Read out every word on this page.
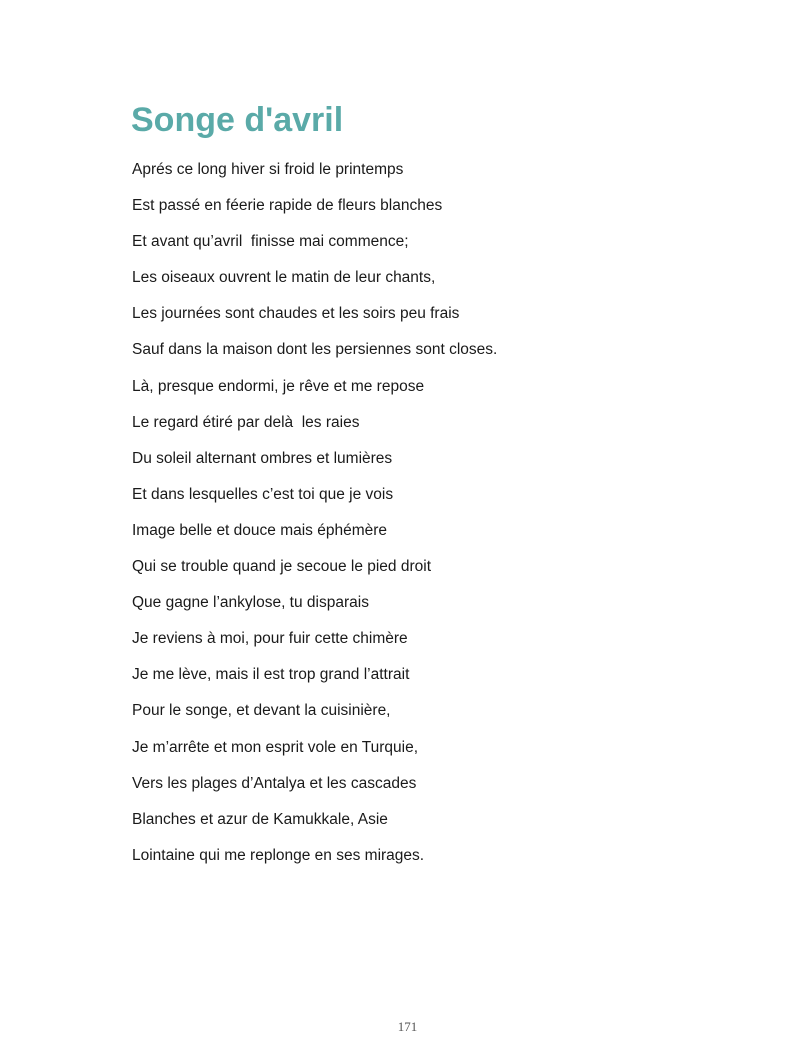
Songe d'avril
Aprés ce long hiver si froid le printemps
Est passé en féerie rapide de fleurs blanches
Et avant qu’avril  finisse mai commence;
Les oiseaux ouvrent le matin de leur chants,
Les journées sont chaudes et les soirs peu frais
Sauf dans la maison dont les persiennes sont closes.
Là, presque endormi, je rêve et me repose
Le regard étiré par delà  les raies
Du soleil alternant ombres et lumières
Et dans lesquelles c’est toi que je vois
Image belle et douce mais éphémère
Qui se trouble quand je secoue le pied droit
Que gagne l’ankylose, tu disparais
Je reviens à moi, pour fuir cette chimère
Je me lève, mais il est trop grand l’attrait
Pour le songe, et devant la cuisinière,
Je m’arrête et mon esprit vole en Turquie,
Vers les plages d’Antalya et les cascades
Blanches et azur de Kamukkale, Asie
Lointaine qui me replonge en ses mirages.
171
